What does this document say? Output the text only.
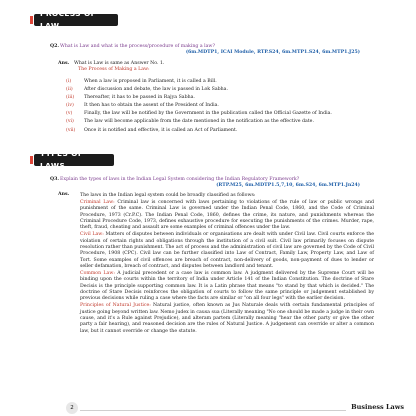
PROCESS OF LAW
Q2. What is Law and what is the process/procedure of making a law?
(6m.MDTP1, ICAI Module, RTP.S24, 6m.MTP1.S24, 6m.MTP1.J25)
Ans. What is Law is same as Answer No. 1.
The Process of Making a Law:
(i)	When a law is proposed in Parliament, it is called a Bill.
(ii)	After discussion and debate, the law is passed in Lok Sabha.
(iii)	Thereafter, it has to be passed in Rajya Sabha.
(iv)	It then has to obtain the assent of the President of India.
(v)	Finally, the law will be notified by the Government in the publication called the Official Gazette of India.
(vi)	The law will become applicable from the date mentioned in the notification as the effective date.
(vii)	Once it is notified and effective, it is called an Act of Parliament.
TYPES OF LAWS
Q3. Explain the types of laws in the Indian Legal System considering the Indian Regulatory Framework?
(RTP.M25, 6m.MDTP1.5,7,10, 6m.S24, 6m.MTP1.Jn24)
Ans. The laws in the Indian legal system could be broadly classified as follows:

Criminal Law: Criminal law is concerned with laws pertaining to violations of the rule of law or public wrongs and punishment of the same. Criminal Law is governed under the Indian Penal Code, 1860, and the Code of Criminal Procedure, 1973 (Cr.P.C). The Indian Penal Code, 1860, defines the crime, its nature, and punishments whereas the Criminal Procedure Code, 1973, defines exhaustive procedure for executing the punishments of the crimes. Murder, rape, theft, fraud, cheating and assault are some examples of criminal offences under the law.

Civil Law: Matters of disputes between individuals or organisations are dealt with under Civil law. Civil courts enforce the violation of certain rights and obligations through the institution of a civil suit. Civil law primarily focuses on dispute resolution rather than punishment. The act of process and the administration of civil law are governed by the Code of Civil Procedure, 1908 (CPC). Civil law can be further classified into Law of Contract, Family Law, Property Law, and Law of Tort. Some examples of civil offences are breach of contract, non-delivery of goods, non-payment of dues to lender or seller defamation, breach of contract, and disputes between landlord and tenant.

Common Law: A judicial precedent or a case law is common law. A judgment delivered by the Supreme Court will be binding upon the courts within the territory of India under Article 141 of the Indian Constitution. The doctrine of Stare Decisis is the principle supporting common law. It is a Latin phrase that means "to stand by that which is decided." The doctrine of Stare Decisis reinforces the obligation of courts to follow the same principle or judgement established by previous decisions while ruling a case where the facts are similar or "on all four legs" with the earlier decision.

Principles of Natural Justice: Natural justice, often known as Jus Naturale deals with certain fundamental principles of justice going beyond written law. Nemo judex in causa sua (Literally meaning "No one should be made a judge in their own cause, and it's a Rule against Prejudice), and alteram partem (Literally meaning "hear the other party or give the other party a fair hearing), and reasoned decision are the rules of Natural Justice. A judgement can override or alter a common law, but it cannot override or change the statute.

2	Business Laws
